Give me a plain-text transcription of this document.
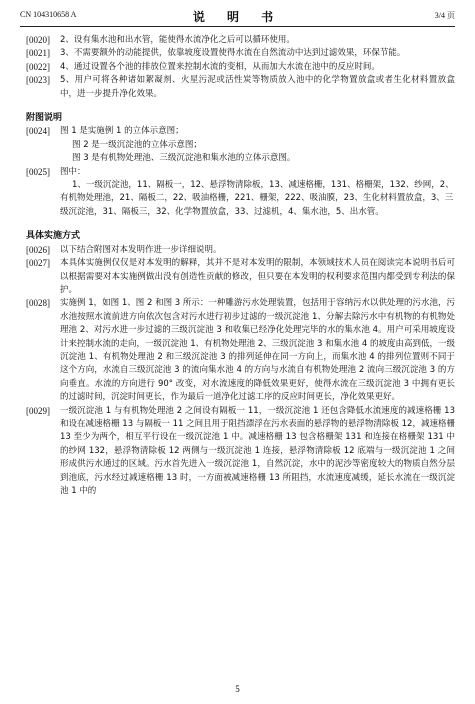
CN 104310658 A	说 明 书	3/4 页
[0020]	2、设有集水池和出水管，能使得水流净化之后可以循环使用。
[0021]	3、不需要额外的动能提供，依靠坡度设置使得水流在自然流动中达到过滤效果，环保节能。
[0022]	4、通过设置各个池的排放位置来控制水流的变相，从而加大水流在池中的反应时间。
[0023]	5、用户可将各种诸如絮凝剂、火星污泥或活性炭等物质放入池中的化学物置放盒或者生化材料置放盒中，进一步提升净化效果。
附图说明
[0024]	图 1 是实施例 1 的立体示意图；
图 2 是一级沉淀池的立体示意图；
图 3 是有机物处理池、三级沉淀池和集水池的立体示意图。
[0025]	图中：
1、一级沉淀池，11、隔板一，12、悬浮物清除板，13、减速格栅，131、格栅架，132、纱网，2、有机物处理池，21、隔板二，22、吸油格栅，221、栅架，222、吸油膜，23、生化材料置放盒，3、三级沉淀池，31、隔板三，32、化学物置放盒，33、过滤机，4、集水池，5、出水管。
具体实施方式
[0026]	以下结合附图对本发明作进一步详细说明。
[0027]	本具体实施例仅仅是对本发明的解释，其并不是对本发明的限制，本领域技术人员在阅读完本说明书后可以根据需要对本实施例做出没有创造性贡献的修改，但只要在本发明的权利要求范围内都受到专利法的保护。
[0028]	实施例 1，如图 1、图 2 和图 3 所示：一种雕游污水处理装置，包括用于容纳污水以供处理的污水池，污水池按照水流前进方向依次包含对污水进行初步过滤的一级沉淀池 1、分解去除污水中有机物的有机物处理池 2、对污水进一步过滤的三级沉淀池 3 和收集已经净化处理完毕的水的集水池 4。用户可采用坡度设计来控制水流的走向，一级沉淀池 1、有机物处理池 2、三级沉淀池 3 和集水池 4 的坡度由高到低，一级沉淀池 1、有机物处理池 2 和三级沉淀池 3 的排列延伸在同一方向上，而集水池 4 的排列位置则不同于这个方向，水流自三级沉淀池 3 的流向集水池 4 的方向与水流自有机物处理池 2 流向三级沉淀池 3 的方向垂直。水流的方向进行 90° 改变，对水流速度的降低效果更好，使得水流在三级沉淀池 3 中拥有更长的过滤时间，沉淀时间更长，作为最后一道净化过滤工序的反应时间更长，净化效果更好。
[0029]	一级沉淀池 1 与有机物处理池 2 之间设有隔板一 11，一级沉淀池 1 还包含降低水流速度的减速格栅 13 和设在减速格栅 13 与隔板一 11 之间且用于阻挡漂浮在污水表面的悬浮物的悬浮物清除板 12，减速格栅 13 至少为两个，相互平行设在一级沉淀池 1 中。减速格栅 13 包含格栅架 131 和连接在格栅架 131 中的纱网 132，悬浮物清除板 12 两侧与一级沉淀池 1 连接，悬浮物清除板 12 底端与一级沉淀池 1 之间形成供污水通过的区域。污水首先进入一级沉淀池 1，自然沉淀，水中的泥沙等密度较大的物质自然分层到池底，污水经过减速格栅 13 时，一方面被减速格栅 13 所阻挡，水流速度减缓，延长水流在一级沉淀池 1 中的
5
